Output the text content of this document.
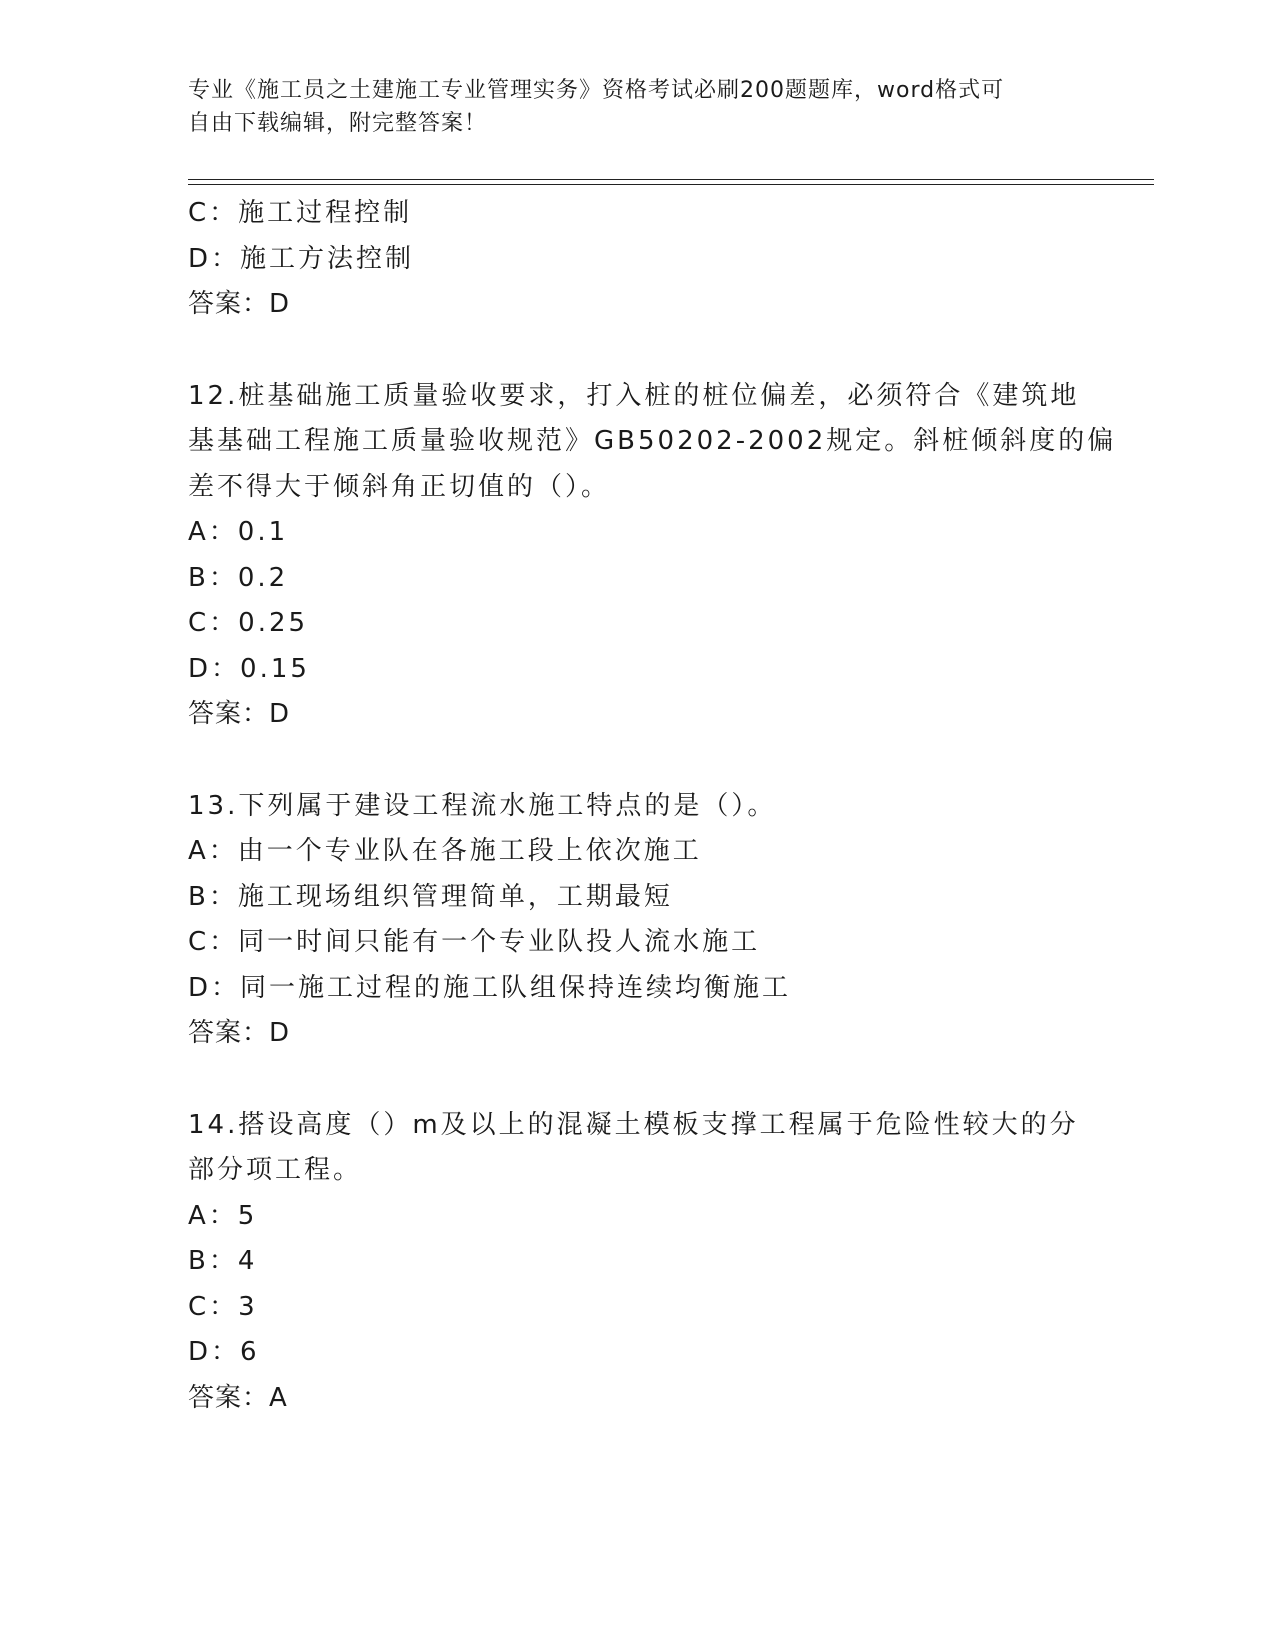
专业《施工员之土建施工专业管理实务》资格考试必刷200题题库，word格式可
自由下载编辑，附完整答案！
C：施工过程控制
D：施工方法控制
答案：D
12.桩基础施工质量验收要求，打入桩的桩位偏差，必须符合《建筑地
基基础工程施工质量验收规范》GB50202-2002规定。斜桩倾斜度的偏
差不得大于倾斜角正切值的（）。
A：0.1
B：0.2
C：0.25
D：0.15
答案：D
13.下列属于建设工程流水施工特点的是（）。
A：由一个专业队在各施工段上依次施工
B：施工现场组织管理简单，工期最短
C：同一时间只能有一个专业队投人流水施工
D：同一施工过程的施工队组保持连续均衡施工
答案：D
14.搭设高度（）m及以上的混凝土模板支撑工程属于危险性较大的分
部分项工程。
A：5
B：4
C：3
D：6
答案：A
